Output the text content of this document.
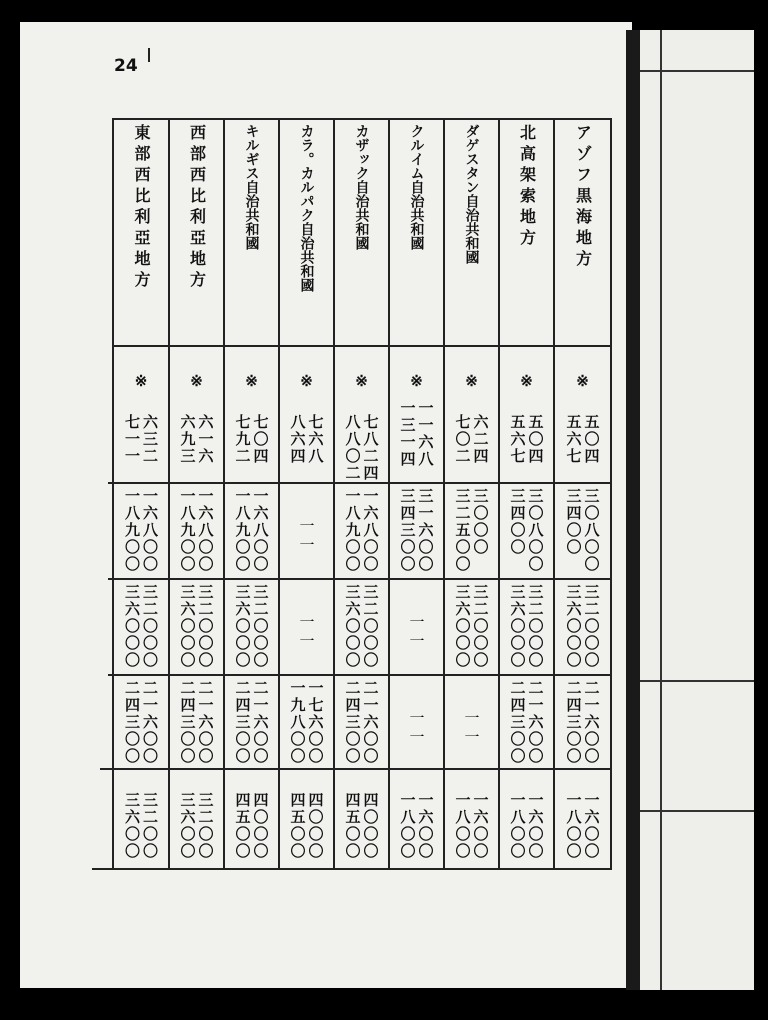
24
アゾフ黒海地方
※
五〇四
五六七
三〇八〇〇
三四〇〇
三二〇〇〇
三六〇〇〇
二一六〇〇
二四三〇〇
一六〇〇
一八〇〇
北高架索地方
※
五〇四
五六七
三〇八〇〇
三四〇〇
三二〇〇〇
三六〇〇〇
二一六〇〇
二四三〇〇
一六〇〇
一八〇〇
ダゲスタン自治共和國
※
六二四
七〇二
三〇〇〇
三二五〇〇
三二〇〇〇
三六〇〇〇
一一
一六〇〇
一八〇〇
クルイム自治共和國
※
一一六八
一三一四
三一六〇〇
三四三〇〇
一一
一一
一六〇〇
一八〇〇
カザック自治共和國
※
七八二四
八八〇二
一六八〇〇
一八九〇〇
三二〇〇〇
三六〇〇〇
二一六〇〇
二四三〇〇
四〇〇〇
四五〇〇
カラ。カルパク自治共和國
※
七六八
八六四
一一
一一
一七六〇〇
一九八〇〇
四〇〇〇
四五〇〇
キルギス自治共和國
※
七〇四
七九二
一六八〇〇
一八九〇〇
三二〇〇〇
三六〇〇〇
二一六〇〇
二四三〇〇
四〇〇〇
四五〇〇
西部西比利亞地方
※
六一六
六九三
一六八〇〇
一八九〇〇
三二〇〇〇
三六〇〇〇
二一六〇〇
二四三〇〇
三二〇〇
三六〇〇
東部西比利亞地方
※
六三二
七一一
一六八〇〇
一八九〇〇
三二〇〇〇
三六〇〇〇
二一六〇〇
二四三〇〇
三二〇〇
三六〇〇
